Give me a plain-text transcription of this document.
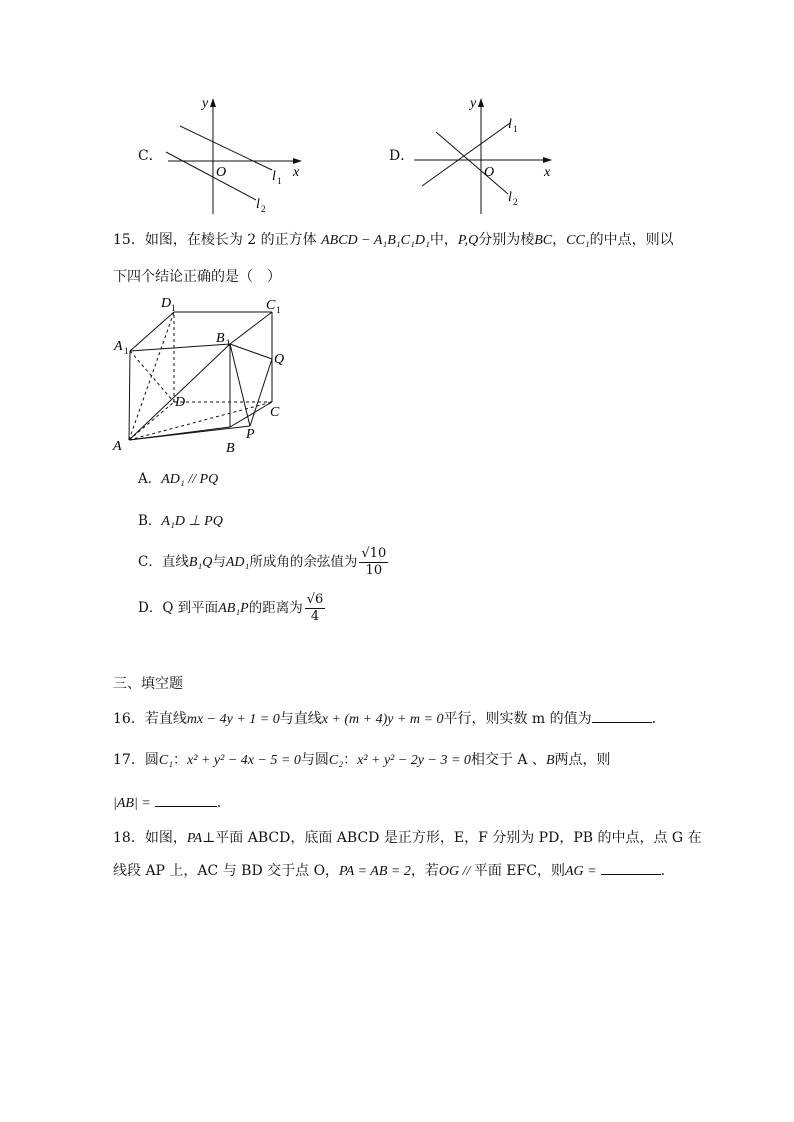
C．
y
x
O	l 1
l 2
D．
y
x
O
l 1
l 2
15．如图，在棱长为 2 的正方体 ABCD − A₁B₁C₁D₁中，P,Q分别为棱BC，CC₁的中点，则以
下四个结论正确的是（　）
A	B
C
D
A 1
B 1
C 1
D 1
P
Q
A．AD₁ // PQ
B．A₁D ⊥ PQ
C．直线B₁Q与AD₁所成角的余弦值为 $\frac{√10}{10}$
D．Q 到平面AB₁P的距离为 $\frac{√6}{4}$
三、填空题
16．若直线mx − 4y + 1 = 0与直线x + (m + 4)y + m = 0平行，则实数 m 的值为	.
17．圆C₁：x² + y² − 4x − 5 = 0与圆C₂：x² + y² − 2y − 3 = 0相交于 A 、B两点，则
|AB| =	.
18．如图，PA⊥平面 ABCD，底面 ABCD 是正方形，E，F 分别为 PD，PB 的中点，点 G 在
线段 AP 上，AC 与 BD 交于点 O，PA = AB = 2，若OG // 平面 EFC，则AG =	.
